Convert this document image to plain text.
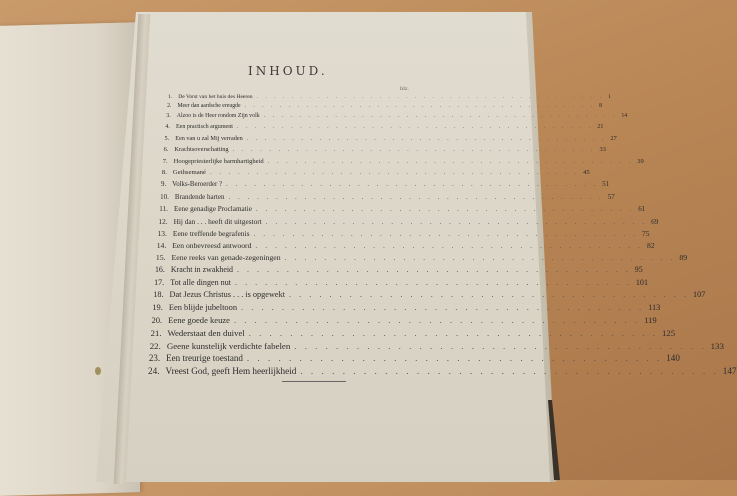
INHOUD.
blz.
1. De Vorst van het huis des Heeren . . . . . . . . . . . . . . . . . . . . . . . . . . . . . . . . . . . . . . . . 1
2. Meer dan aardsche ereugde . . . . . . . . . . . . . . . . . . . . . . . . . . . . . . . . . . . . . . . . 8
3. Alzoo is de Heer rondom Zijn volk . . . . . . . . . . . . . . . . . . . . . . . . . . . . . . . . . . . . . . . . 14
4. Een practisch argument . . . . . . . . . . . . . . . . . . . . . . . . . . . . . . . . . . . . . . . . 21
5. Een van u zal Mij verraden . . . . . . . . . . . . . . . . . . . . . . . . . . . . . . . . . . . . . . . . 27
6. Krachtsoverschatting . . . . . . . . . . . . . . . . . . . . . . . . . . . . . . . . . . . . . . . . 33
7. Hoogepriesterlijke barmhartigheid . . . . . . . . . . . . . . . . . . . . . . . . . . . . . . . . . . . . . . . . 39
8. Gethsemané . . . . . . . . . . . . . . . . . . . . . . . . . . . . . . . . . . . . . . . . 45
9. Volks-Beroerder ? . . . . . . . . . . . . . . . . . . . . . . . . . . . . . . . . . . . . . . . . 51
10. Brandende harten . . . . . . . . . . . . . . . . . . . . . . . . . . . . . . . . . . . . . . . . 57
11. Eene genadige Proclamatie . . . . . . . . . . . . . . . . . . . . . . . . . . . . . . . . . . . . . . . . 61
12. Hij dan . . . heeft dit uitgestort . . . . . . . . . . . . . . . . . . . . . . . . . . . . . . . . . . . . . . . . 69
13. Eene treffende begrafenis . . . . . . . . . . . . . . . . . . . . . . . . . . . . . . . . . . . . . . . . 75
14. Een onbevreesd antwoord . . . . . . . . . . . . . . . . . . . . . . . . . . . . . . . . . . . . . . . . 82
15. Eene reeks van genade-zegeningen . . . . . . . . . . . . . . . . . . . . . . . . . . . . . . . . . . . . . . . . 89
16. Kracht in zwakheid . . . . . . . . . . . . . . . . . . . . . . . . . . . . . . . . . . . . . . . . 95
17. Tot alle dingen nut . . . . . . . . . . . . . . . . . . . . . . . . . . . . . . . . . . . . . . . . 101
18. Dat Jezus Christus . . . is opgewekt . . . . . . . . . . . . . . . . . . . . . . . . . . . . . . . . . . . . . . . . 107
19. Een blijde jubeltoon . . . . . . . . . . . . . . . . . . . . . . . . . . . . . . . . . . . . . . . . 113
20. Eene goede keuze . . . . . . . . . . . . . . . . . . . . . . . . . . . . . . . . . . . . . . . . 119
21. Wederstaat den duivel . . . . . . . . . . . . . . . . . . . . . . . . . . . . . . . . . . . . . . . . 125
22. Geene kunstelijk verdichte fabelen . . . . . . . . . . . . . . . . . . . . . . . . . . . . . . . . . . . . . . . . 133
23. Een treurige toestand . . . . . . . . . . . . . . . . . . . . . . . . . . . . . . . . . . . . . . . . 140
24. Vreest God, geeft Hem heerlijkheid . . . . . . . . . . . . . . . . . . . . . . . . . . . . . . . . . . . . . . . . 147
